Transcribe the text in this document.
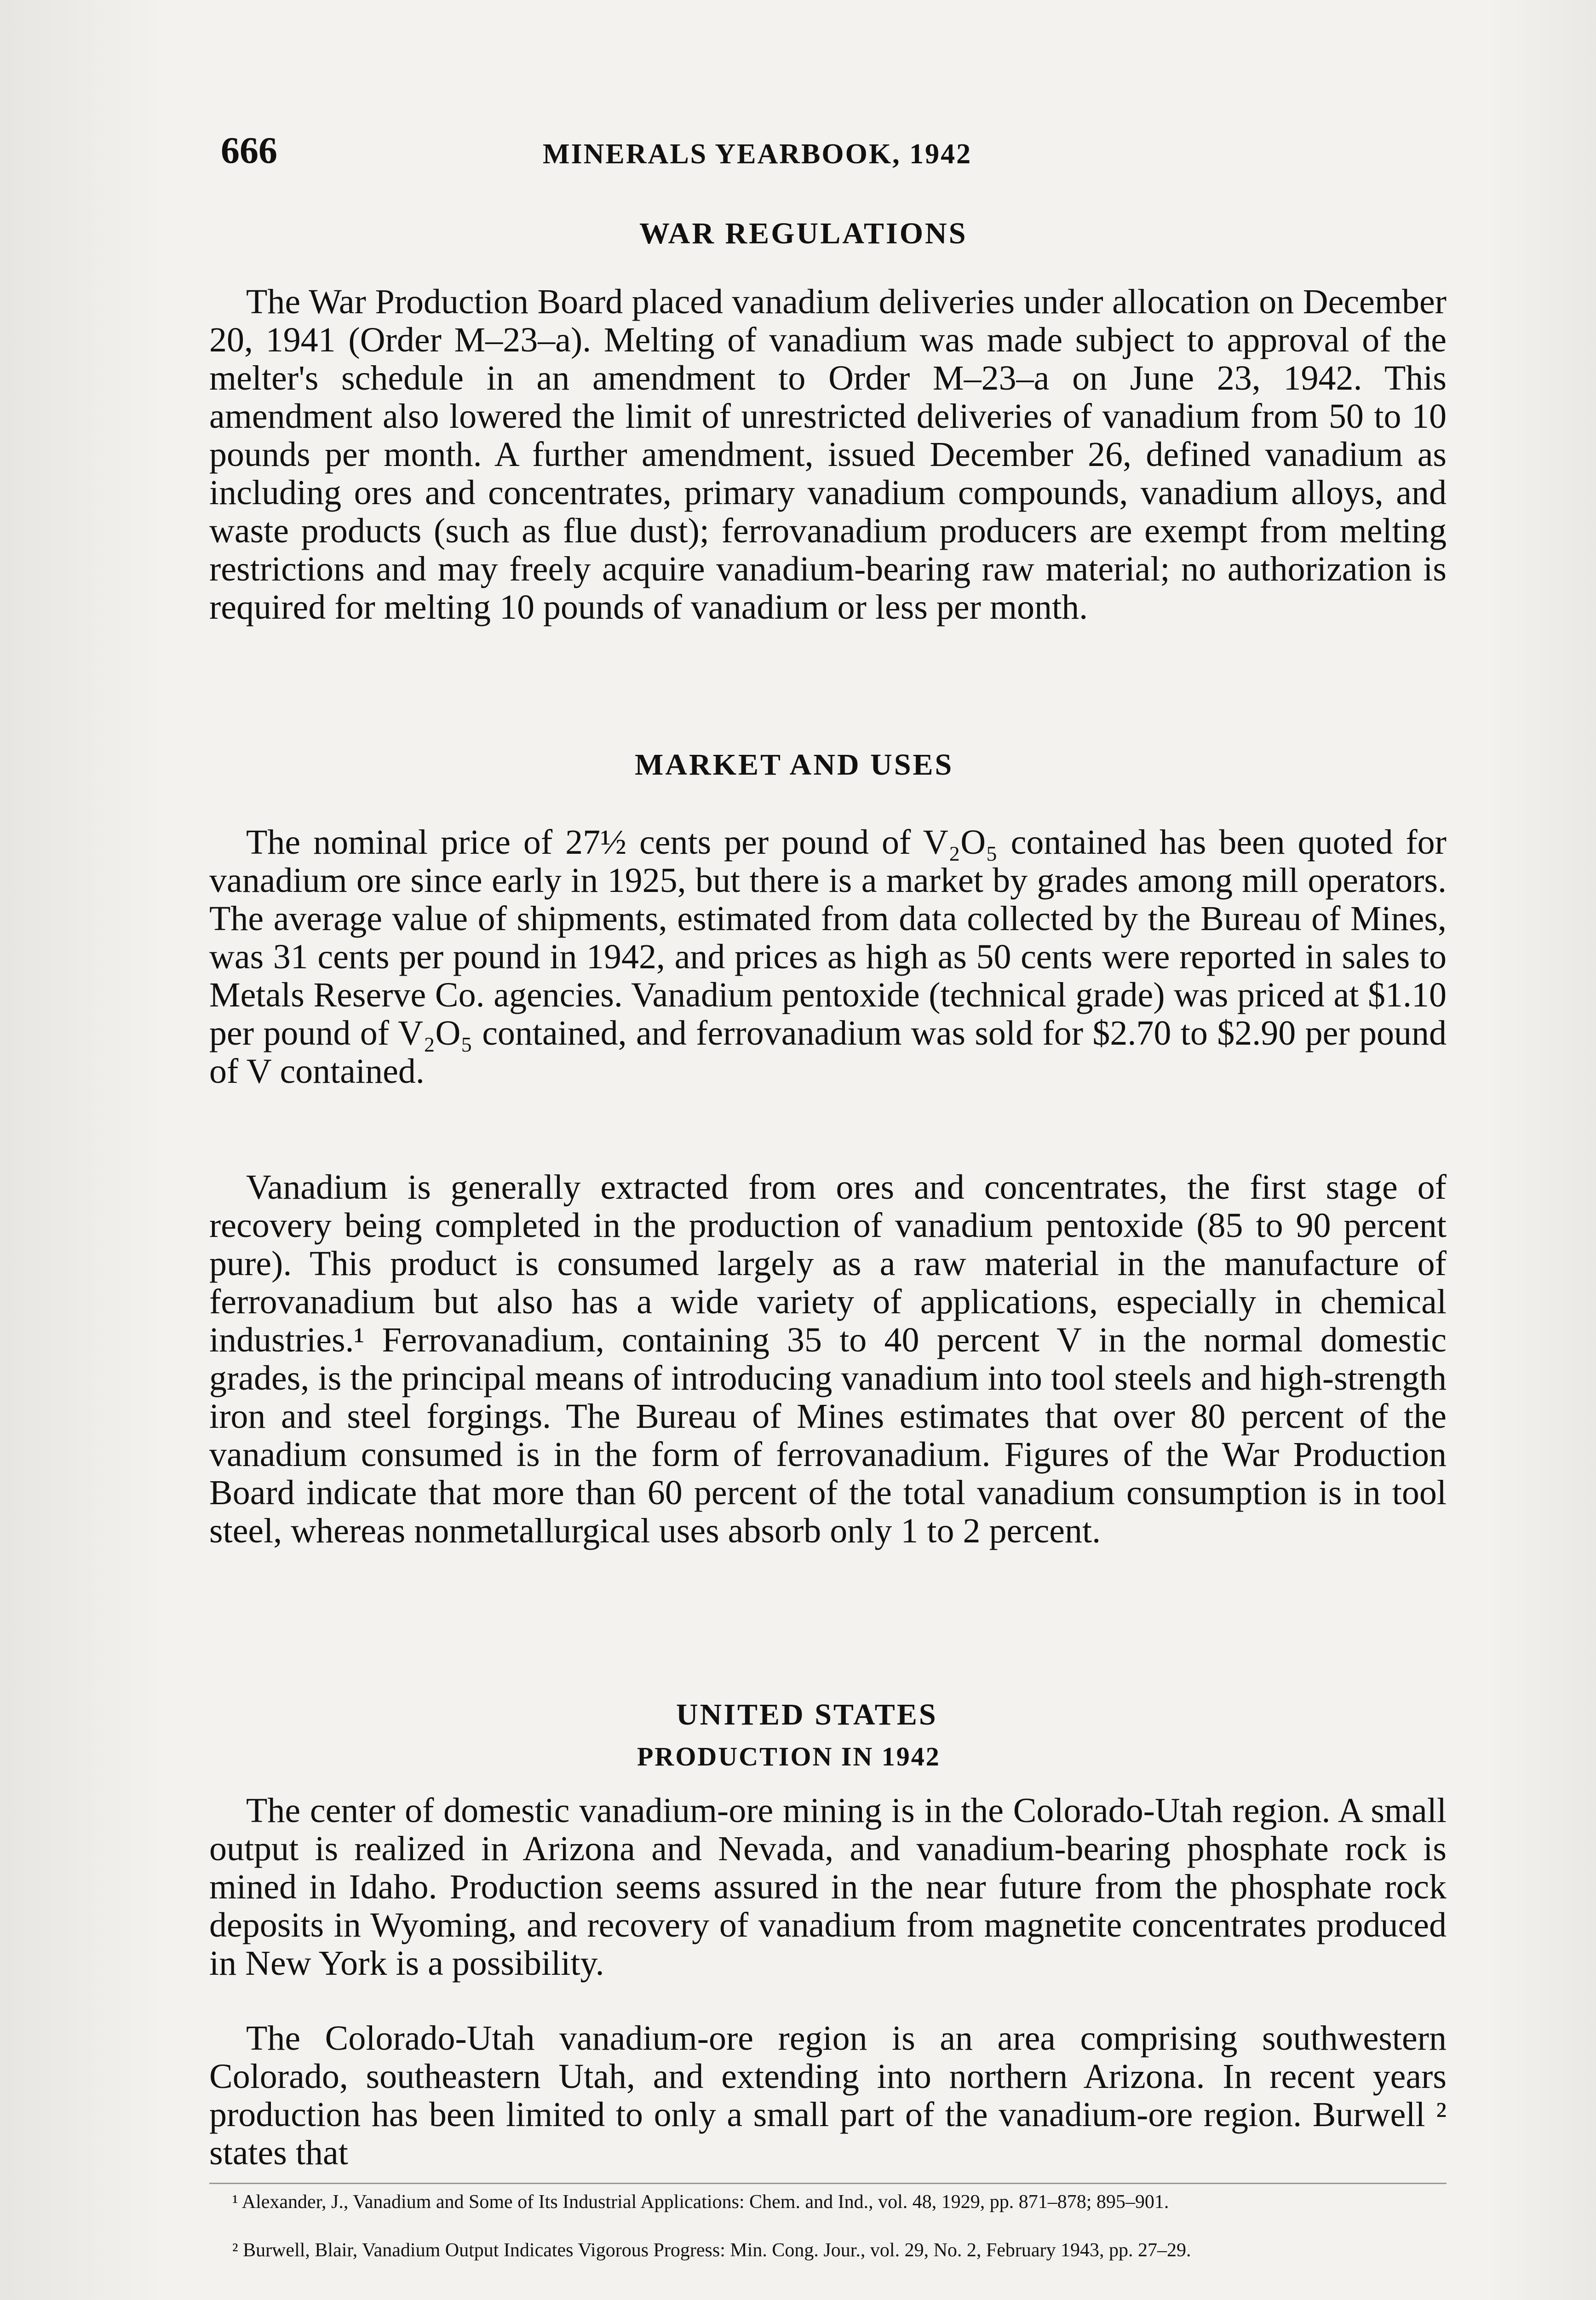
666	MINERALS YEARBOOK, 1942
WAR REGULATIONS

The War Production Board placed vanadium deliveries under allocation on December 20, 1941 (Order M–23–a). Melting of vanadium was made subject to approval of the melter's schedule in an amendment to Order M–23–a on June 23, 1942. This amendment also lowered the limit of unrestricted deliveries of vanadium from 50 to 10 pounds per month. A further amendment, issued December 26, defined vanadium as including ores and concentrates, primary vanadium compounds, vanadium alloys, and waste products (such as flue dust); ferrovanadium producers are exempt from melting restrictions and may freely acquire vanadium-bearing raw material; no authorization is required for melting 10 pounds of vanadium or less per month.

MARKET AND USES

The nominal price of 27½ cents per pound of V₂O₅ contained has been quoted for vanadium ore since early in 1925, but there is a market by grades among mill operators. The average value of shipments, estimated from data collected by the Bureau of Mines, was 31 cents per pound in 1942, and prices as high as 50 cents were reported in sales to Metals Reserve Co. agencies. Vanadium pentoxide (technical grade) was priced at $1.10 per pound of V₂O₅ contained, and ferrovanadium was sold for $2.70 to $2.90 per pound of V contained.

Vanadium is generally extracted from ores and concentrates, the first stage of recovery being completed in the production of vanadium pentoxide (85 to 90 percent pure). This product is consumed largely as a raw material in the manufacture of ferrovanadium but also has a wide variety of applications, especially in chemical industries.¹ Ferrovanadium, containing 35 to 40 percent V in the normal domestic grades, is the principal means of introducing vanadium into tool steels and high-strength iron and steel forgings. The Bureau of Mines estimates that over 80 percent of the vanadium consumed is in the form of ferrovanadium. Figures of the War Production Board indicate that more than 60 percent of the total vanadium consumption is in tool steel, whereas nonmetallurgical uses absorb only 1 to 2 percent.

UNITED STATES
PRODUCTION IN 1942

The center of domestic vanadium-ore mining is in the Colorado-Utah region. A small output is realized in Arizona and Nevada, and vanadium-bearing phosphate rock is mined in Idaho. Production seems assured in the near future from the phosphate rock deposits in Wyoming, and recovery of vanadium from magnetite concentrates produced in New York is a possibility.

The Colorado-Utah vanadium-ore region is an area comprising southwestern Colorado, southeastern Utah, and extending into northern Arizona. In recent years production has been limited to only a small part of the vanadium-ore region. Burwell ² states that

¹ Alexander, J., Vanadium and Some of Its Industrial Applications: Chem. and Ind., vol. 48, 1929, pp. 871–878; 895–901.

² Burwell, Blair, Vanadium Output Indicates Vigorous Progress: Min. Cong. Jour., vol. 29, No. 2, February 1943, pp. 27–29.
